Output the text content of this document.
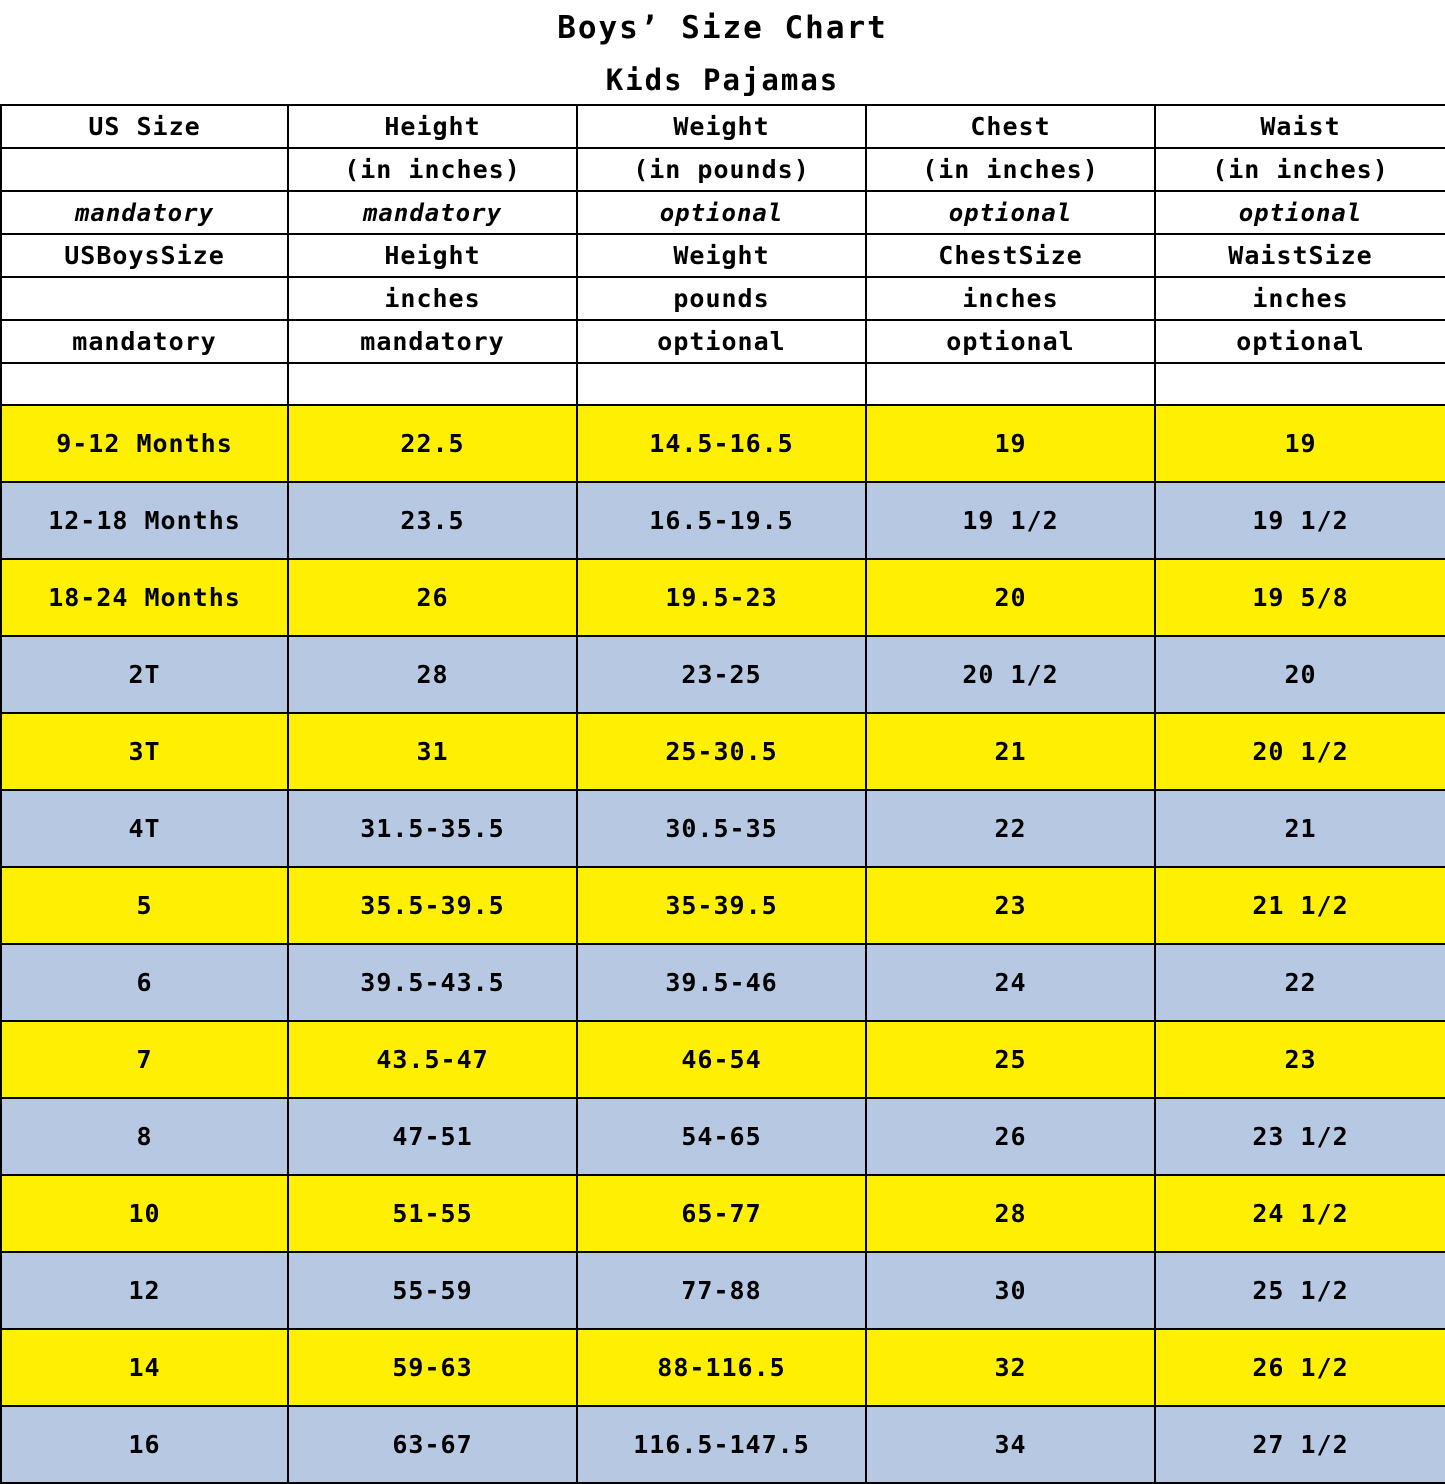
Boys’ Size Chart
Kids Pajamas
US Size	Height	Weight	Chest	Waist
	(in inches)	(in pounds)	(in inches)	(in inches)
mandatory	mandatory	optional	optional	optional
USBoysSize	Height	Weight	ChestSize	WaistSize
	inches	pounds	inches	inches
mandatory	mandatory	optional	optional	optional

9-12 Months	22.5	14.5-16.5	19	19
12-18 Months	23.5	16.5-19.5	19 1/2	19 1/2
18-24 Months	26	19.5-23	20	19 5/8
2T	28	23-25	20 1/2	20
3T	31	25-30.5	21	20 1/2
4T	31.5-35.5	30.5-35	22	21
5	35.5-39.5	35-39.5	23	21 1/2
6	39.5-43.5	39.5-46	24	22
7	43.5-47	46-54	25	23
8	47-51	54-65	26	23 1/2
10	51-55	65-77	28	24 1/2
12	55-59	77-88	30	25 1/2
14	59-63	88-116.5	32	26 1/2
16	63-67	116.5-147.5	34	27 1/2
